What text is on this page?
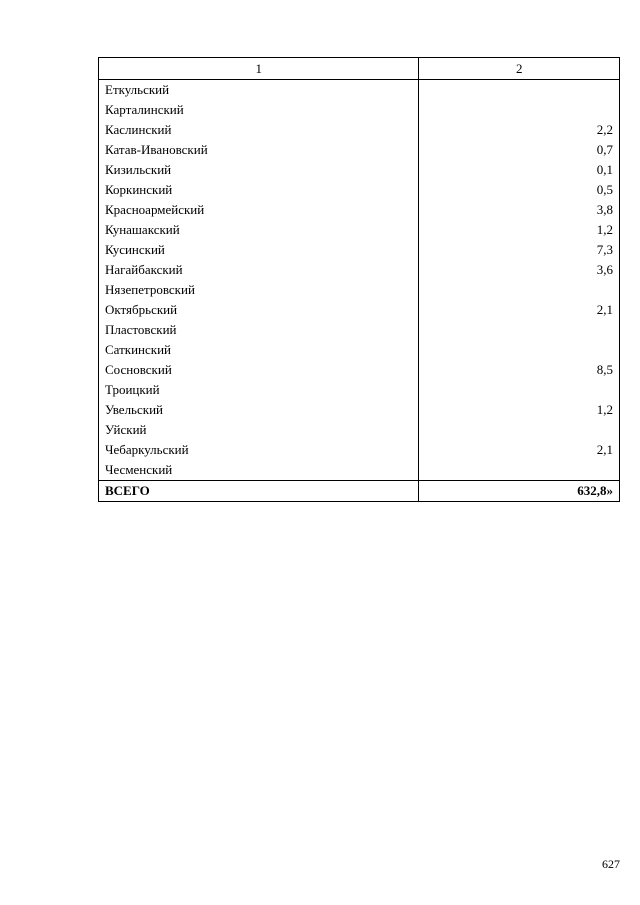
1	2
Еткульский	
Карталинский	
Каслинский	2,2
Катав-Ивановский	0,7
Кизильский	0,1
Коркинский	0,5
Красноармейский	3,8
Кунашакский	1,2
Кусинский	7,3
Нагайбакский	3,6
Нязепетровский	
Октябрьский	2,1
Пластовский	
Саткинский	
Сосновский	8,5
Троицкий	
Увельский	1,2
Уйский	
Чебаркульский	2,1
Чесменский	
ВСЕГО	632,8»
627
